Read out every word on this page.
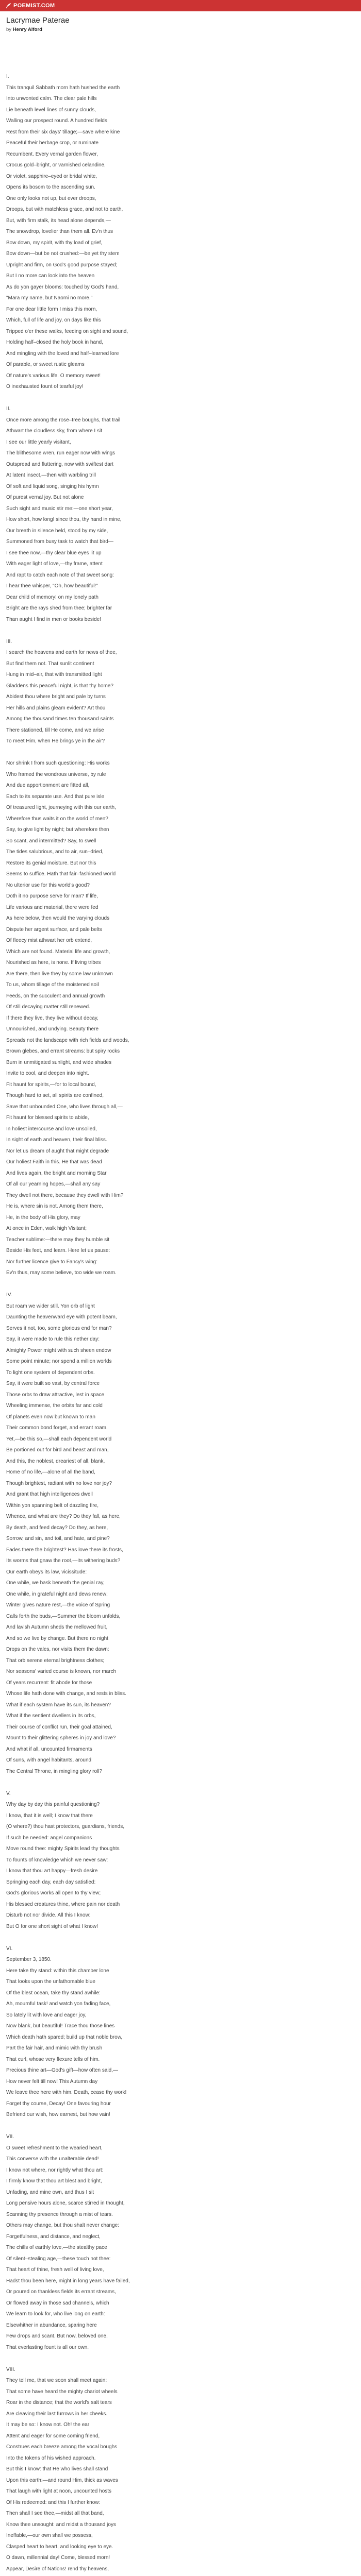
POEMIST.COM
Lacrymae Paterae
by Henry Alford
I.
This tranquil Sabbath morn hath hushed the earth
Into unwonted calm. The clear pale hills
Lie beneath level lines of sunny clouds,
Walling our prospect round. A hundred fields
Rest from their six days' tillage;—save where kine
Peaceful their herbage crop, or ruminate
Recumbent. Every vernal garden flower,
Crocus gold–bright, or varnished celandine,
Or violet, sapphire–eyed or bridal white,
Opens its bosom to the ascending sun.
One only looks not up, but ever droops,
Droops, but with matchless grace, and not to earth,
But, with firm stalk, its head alone depends,—
The snowdrop, lovelier than them all. Ev'n thus
Bow down, my spirit, with thy load of grief,
Bow down—but be not crushed:—be yet thy stem
Upright and firm, on God's good purpose stayed;
But I no more can look into the heaven
As do yon gayer blooms: touched by God's hand,
"Mara my name, but Naomi no more."
For one dear little form I miss this morn,
Which, full of life and joy, on days like this
Tripped o'er these walks, feeding on sight and sound,
Holding half–closed the holy book in hand,
And mingling with the loved and half–learned lore
Of parable, or sweet rustic gleams
Of nature's various life. O memory sweet!
O inexhausted fount of tearful joy!
II.
Once more among the rose–tree boughs, that trail
Athwart the cloudless sky, from where I sit
I see our little yearly visitant,
The blithesome wren, run eager now with wings
Outspread and fluttering, now with swiftest dart
At latent insect,—then with warbling trill
Of soft and liquid song, singing his hymn
Of purest vernal joy. But not alone
Such sight and music stir me:—one short year,
How short, how long! since thou, thy hand in mine,
Our breath in silence held, stood by my side,
Summoned from busy task to watch that bird—
I see thee now,—thy clear blue eyes lit up
With eager light of love,—thy frame, attent
And rapt to catch each note of that sweet song:
I hear thee whisper, "Oh, how beautiful!"
Dear child of memory! on my lonely path
Bright are the rays shed from thee; brighter far
Than aught I find in men or books beside!
III.
I search the heavens and earth for news of thee,
But find them not. That sunlit continent
Hung in mid–air, that with transmitted light
Gladdens this peaceful night, is that thy home?
Abidest thou where bright and pale by turns
Her hills and plains gleam evident? Art thou
Among the thousand times ten thousand saints
There stationed, till He come, and we arise
To meet Him, when He brings ye in the air?
Nor shrink I from such questioning: His works
Who framed the wondrous universe, by rule
And due apportionment are fitted all,
Each to its separate use. And that pure isle
Of treasured light, journeying with this our earth,
Wherefore thus waits it on the world of men?
Say, to give light by night; but wherefore then
So scant, and intermitted? Say, to swell
The tides salubrious, and to air, sun–dried,
Restore its genial moisture. But nor this
Seems to suffice. Hath that fair–fashioned world
No ulterior use for this world's good?
Doth it no purpose serve for man? If life,
Life various and material, there were fed
As here below, then would the varying clouds
Dispute her argent surface, and pale belts
Of fleecy mist athwart her orb extend,
Which are not found. Material life and growth,
Nourished as here, is none. If living tribes
Are there, then live they by some law unknown
To us, whom tillage of the moistened soil
Feeds, on the succulent and annual growth
Of still decaying matter still renewed.
If there they live, they live without decay,
Unnourished, and undying. Beauty there
Spreads not the landscape with rich fields and woods,
Brown glebes, and errant streams: but spiry rocks
Burn in unmitigated sunlight, and wide shades
Invite to cool, and deepen into night.
Fit haunt for spirits,—for to local bound,
Though hard to set, all spirits are confined,
Save that unbounded One, who lives through all,—
Fit haunt for blessed spirits to abide,
In holiest intercourse and love unsoiled,
In sight of earth and heaven, their final bliss.
Nor let us dream of aught that might degrade
Our holiest Faith in this. He that was dead
And lives again, the bright and morning Star
Of all our yearning hopes,—shall any say
They dwell not there, because they dwell with Him?
He is, where sin is not. Among them there,
He, in the body of His glory, may
At once in Eden, walk high Visitant;
Teacher sublime:—there may they humble sit
Beside His feet, and learn. Here let us pause:
Nor further licence give to Fancy's wing:
Ev'n thus, may some believe, too wide we roam.
IV.
But roam we wider still. Yon orb of light
Daunting the heavenward eye with potent beam,
Serves it not, too, some glorious end for man?
Say, it were made to rule this nether day:
Almighty Power might with such sheen endow
Some point minute; nor spend a million worlds
To light one system of dependent orbs.
Say, it were built so vast, by central force
Those orbs to draw attractive, lest in space
Wheeling immense, the orbits far and cold
Of planets even now but known to man
Their common bond forget, and errant roam.
Yet,—be this so,—shall each dependent world
Be portioned out for bird and beast and man,
And this, the noblest, dreariest of all, blank,
Home of no life,—alone of all the band,
Though brightest, radiant with no love nor joy?
And grant that high intelligences dwell
Within yon spanning belt of dazzling fire,
Whence, and what are they? Do they fall, as here,
By death, and feed decay? Do they, as here,
Sorrow, and sin, and toil, and hate, and pine?
Fades there the brightest? Has love there its frosts,
Its worms that gnaw the root,—its withering buds?
Our earth obeys its law, vicissitude:
One while, we bask beneath the genial ray,
One while, in grateful night and dews renew;
Winter gives nature rest,—the voice of Spring
Calls forth the buds,—Summer the bloom unfolds,
And lavish Autumn sheds the mellowed fruit,
And so we live by change. But there no night
Drops on the vales, nor visits them the dawn:
That orb serene eternal brightness clothes;
Nor seasons' varied course is known, nor march
Of years recurrent: fit abode for those
Whose life hath done with change, and rests in bliss.
What if each system have its sun, its heaven?
What if the sentient dwellers in its orbs,
Their course of conflict run, their goal attained,
Mount to their glittering spheres in joy and love?
And what if all, uncounted firmaments
Of suns, with angel habitants, around
The Central Throne, in mingling glory roll?
V.
Why day by day this painful questioning?
I know, that it is well; I know that there
(O where?) thou hast protectors, guardians, friends,
If such be needed: angel companions
Move round thee: mighty Spirits lead thy thoughts
To founts of knowledge which we never saw:
I know that thou art happy—fresh desire
Springing each day, each day satisfied:
God's glorious works all open to thy view;
His blessed creatures thine, where pain nor death
Disturb not nor divide. All this I know:
But O for one short sight of what I know!
VI.
September 3, 1850.
Here take thy stand: within this chamber lone
That looks upon the unfathomable blue
Of the blest ocean, take thy stand awhile:
Ah, mournful task! and watch yon fading face,
So lately lit with love and eager joy,
Now blank, but beautiful! Trace thou those lines
Which death hath spared; build up that noble brow,
Part the fair hair, and mimic with thy brush
That curl, whose very flexure tells of him.
Precious thine art—God's gift—how often said,—
How never felt till now! This Autumn day
We leave thee here with him. Death, cease thy work!
Forget thy course, Decay! One favouring hour
Befriend our wish, how earnest, but how vain!
VII.
O sweet refreshment to the wearied heart,
This converse with the unalterable dead!
I know not where, nor rightly what thou art:
I firmly know that thou art blest and bright,
Unfading, and mine own, and thus I sit
Long pensive hours alone, scarce stirred in thought,
Scanning thy presence through a mist of tears.
Others may change, but thou shalt never change:
Forgetfulness, and distance, and neglect,
The chills of earthly love,—the stealthy pace
Of silent–stealing age,—these touch not thee:
That heart of thine, fresh well of living love,
Hadst thou been here, might in long years have failed,
Or poured on thankless fields its errant streams,
Or flowed away in those sad channels, which
We learn to look for, who live long on earth:
Elsewhither in abundance, sparing here
Few drops and scant. But now, beloved one,
That everlasting fount is all our own.
VIII.
They tell me, that we soon shall meet again:
That some have heard the mighty chariot wheels
Roar in the distance; that the world's salt tears
Are cleaving their last furrows in her cheeks.
It may be so: I know not. Oh! the ear
Attent and eager for some coming friend,
Construes each breeze among the vocal boughs
Into the tokens of his wished approach.
But this I know: that He who lives shall stand
Upon this earth:—and round Him, thick as waves
That laugh with light at noon, uncounted hosts
Of His redeemed: and this I further know:
Then shall I see thee,—midst all that band,
Know thee unsought: and midst a thousand joys
Ineffable,—our own shall we possess,
Clasped heart to heart, and looking eye to eye.
O dawn, millennial day! Come, blessed morn!
Appear, Desire of Nations! rend thy heavens,
